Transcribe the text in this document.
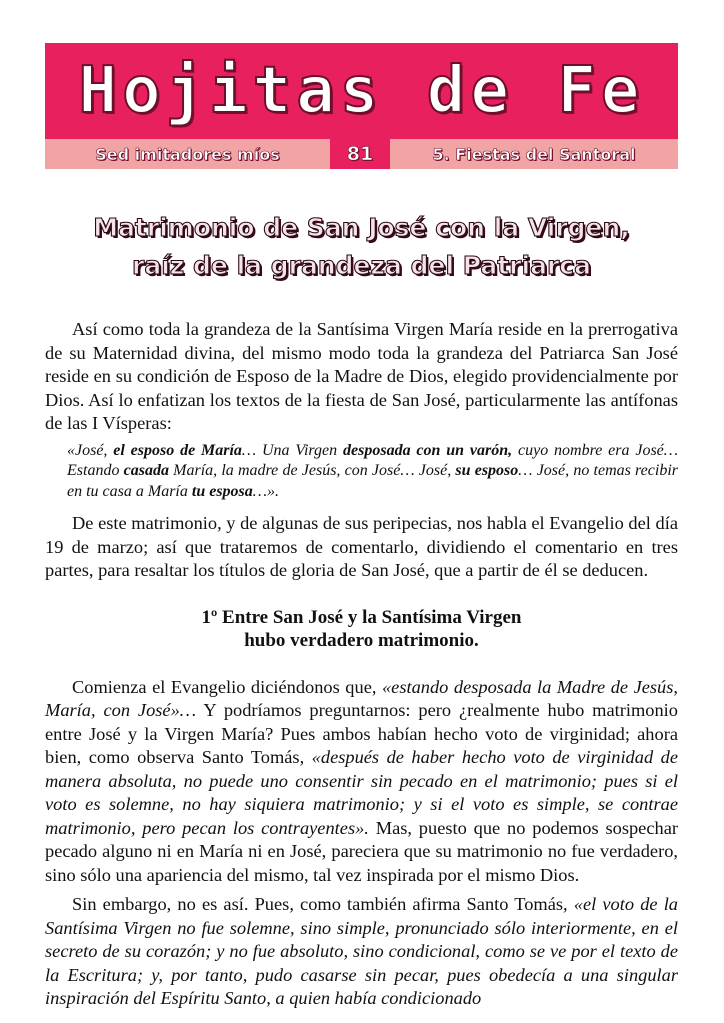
Hojitas de Fe
Sed imitadores míos	81	5. Fiestas del Santoral
Matrimonio de San José con la Virgen,
raíz de la grandeza del Patriarca

Así como toda la grandeza de la Santísima Virgen María reside en la prerrogativa de su Maternidad divina, del mismo modo toda la grandeza del Patriarca San José reside en su condición de Esposo de la Madre de Dios, elegido providencialmente por Dios. Así lo enfatizan los textos de la fiesta de San José, particularmente las antífonas de las I Vísperas:

«José, el esposo de María… Una Virgen desposada con un varón, cuyo nombre era José… Estando casada María, la madre de Jesús, con José… José, su esposo… José, no temas recibir en tu casa a María tu esposa…».

De este matrimonio, y de algunas de sus peripecias, nos habla el Evangelio del día 19 de marzo; así que trataremos de comentarlo, dividiendo el comentario en tres partes, para resaltar los títulos de gloria de San José, que a partir de él se deducen.

1º Entre San José y la Santísima Virgen
hubo verdadero matrimonio.

Comienza el Evangelio diciéndonos que, «estando desposada la Madre de Jesús, María, con José»… Y podríamos preguntarnos: pero ¿realmente hubo matrimonio entre José y la Virgen María? Pues ambos habían hecho voto de virginidad; ahora bien, como observa Santo Tomás, «después de haber hecho voto de virginidad de manera absoluta, no puede uno consentir sin pecado en el matrimonio; pues si el voto es solemne, no hay siquiera matrimonio; y si el voto es simple, se contrae matrimonio, pero pecan los contrayentes». Mas, puesto que no podemos sospechar pecado alguno ni en María ni en José, pareciera que su matrimonio no fue verdadero, sino sólo una apariencia del mismo, tal vez inspirada por el mismo Dios.

Sin embargo, no es así. Pues, como también afirma Santo Tomás, «el voto de la Santísima Virgen no fue solemne, sino simple, pronunciado sólo interiormente, en el secreto de su corazón; y no fue absoluto, sino condicional, como se ve por el texto de la Escritura; y, por tanto, pudo casarse sin pecar, pues obedecía a una singular inspiración del Espíritu Santo, a quien había condicionado
